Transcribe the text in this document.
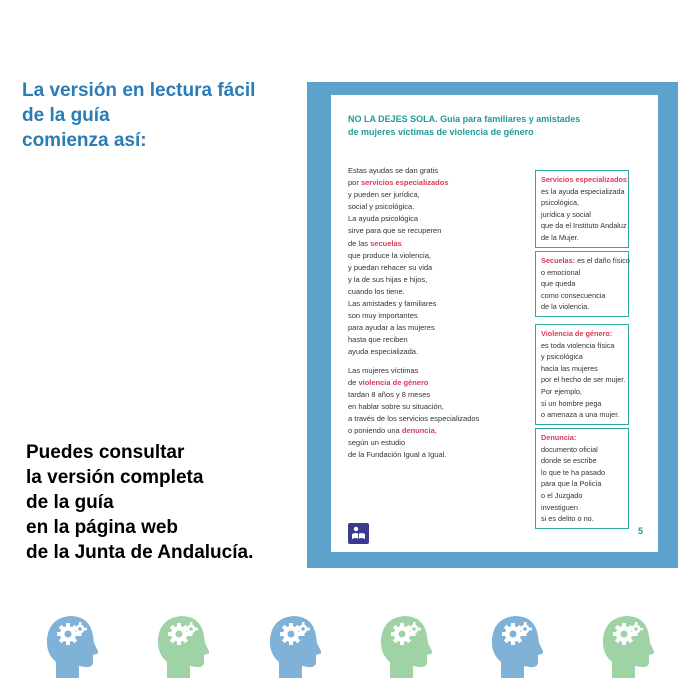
La versión en lectura fácil
de la guía
comienza así:
Puedes consultar
la versión completa
de la guía
en la página web
de la Junta de Andalucía.
NO LA DEJES SOLA. Guía para familiares y amistades
de mujeres víctimas de violencia de género
Estas ayudas se dan gratis
por servicios especializados
y pueden ser jurídica,
social y psicológica.
La ayuda psicológica
sirve para que se recuperen
de las secuelas
que produce la violencia,
y puedan rehacer su vida
y la de sus hijas e hijos,
cuando los tiene.
Las amistades y familiares
son muy importantes
para ayudar a las mujeres
hasta que reciben
ayuda especializada.
Las mujeres víctimas
de violencia de género
tardan 8 años y 8 meses
en hablar sobre su situación,
a través de los servicios especializados
o poniendo una denuncia,
según un estudio
de la Fundación Igual a Igual.
Servicios especializados:
es la ayuda especializada
psicológica,
jurídica y social
que da el Instituto Andaluz
de la Mujer.
Secuelas: es el daño físico
o emocional
que queda
como consecuencia
de la violencia.
Violencia de género:
es toda violencia física
y psicológica
hacia las mujeres
por el hecho de ser mujer.
Por ejemplo,
si un hombre pega
o amenaza a una mujer.
Denuncia:
documento oficial
donde se escribe
lo que te ha pasado
para que la Policía
o el Juzgado
investiguen
si es delito o no.
5
